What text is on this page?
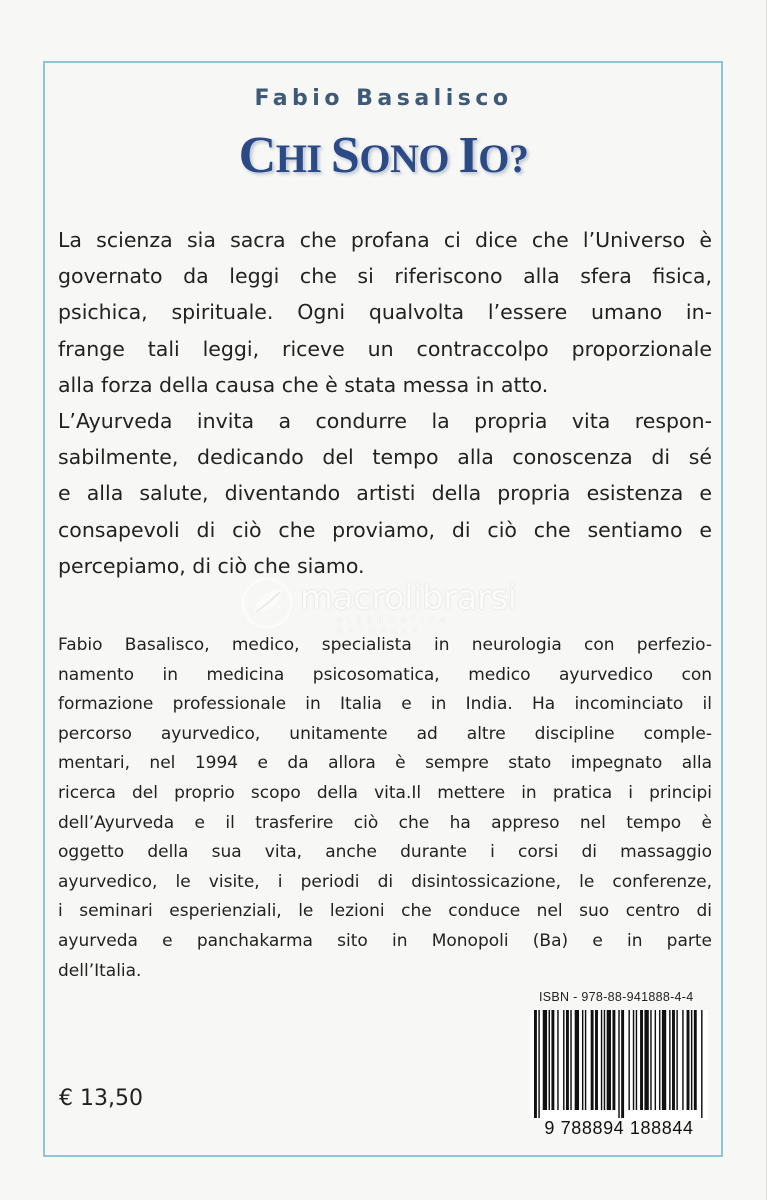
Fabio Basalisco
CHI SONO IO?
La scienza sia sacra che profana ci dice che l’Universo è
governato da leggi che si riferiscono alla sfera fisica,
psichica, spirituale. Ogni qualvolta l’essere umano in-
frange tali leggi, riceve un contraccolpo proporzionale
alla forza della causa che è stata messa in atto.
L’Ayurveda invita a condurre la propria vita respon-
sabilmente, dedicando del tempo alla conoscenza di sé
e alla salute, diventando artisti della propria esistenza e
consapevoli di ciò che proviamo, di ciò che sentiamo e
percepiamo, di ciò che siamo.
macrolibrarsi
ALTERNATIVA NATURALE
Fabio Basalisco, medico, specialista in neurologia con perfezio-
namento in medicina psicosomatica, medico ayurvedico con
formazione professionale in Italia e in India. Ha incominciato il
percorso ayurvedico, unitamente ad altre discipline comple-
mentari, nel 1994 e da allora è sempre stato impegnato alla
ricerca del proprio scopo della vita.Il mettere in pratica i principi
dell’Ayurveda e il trasferire ciò che ha appreso nel tempo è
oggetto della sua vita, anche durante i corsi di massaggio
ayurvedico, le visite, i periodi di disintossicazione, le conferenze,
i seminari esperienziali, le lezioni che conduce nel suo centro di
ayurveda e panchakarma sito in Monopoli (Ba) e in parte
dell’Italia.
ISBN - 978-88-941888-4-4
9 788894 188844
€ 13,50
